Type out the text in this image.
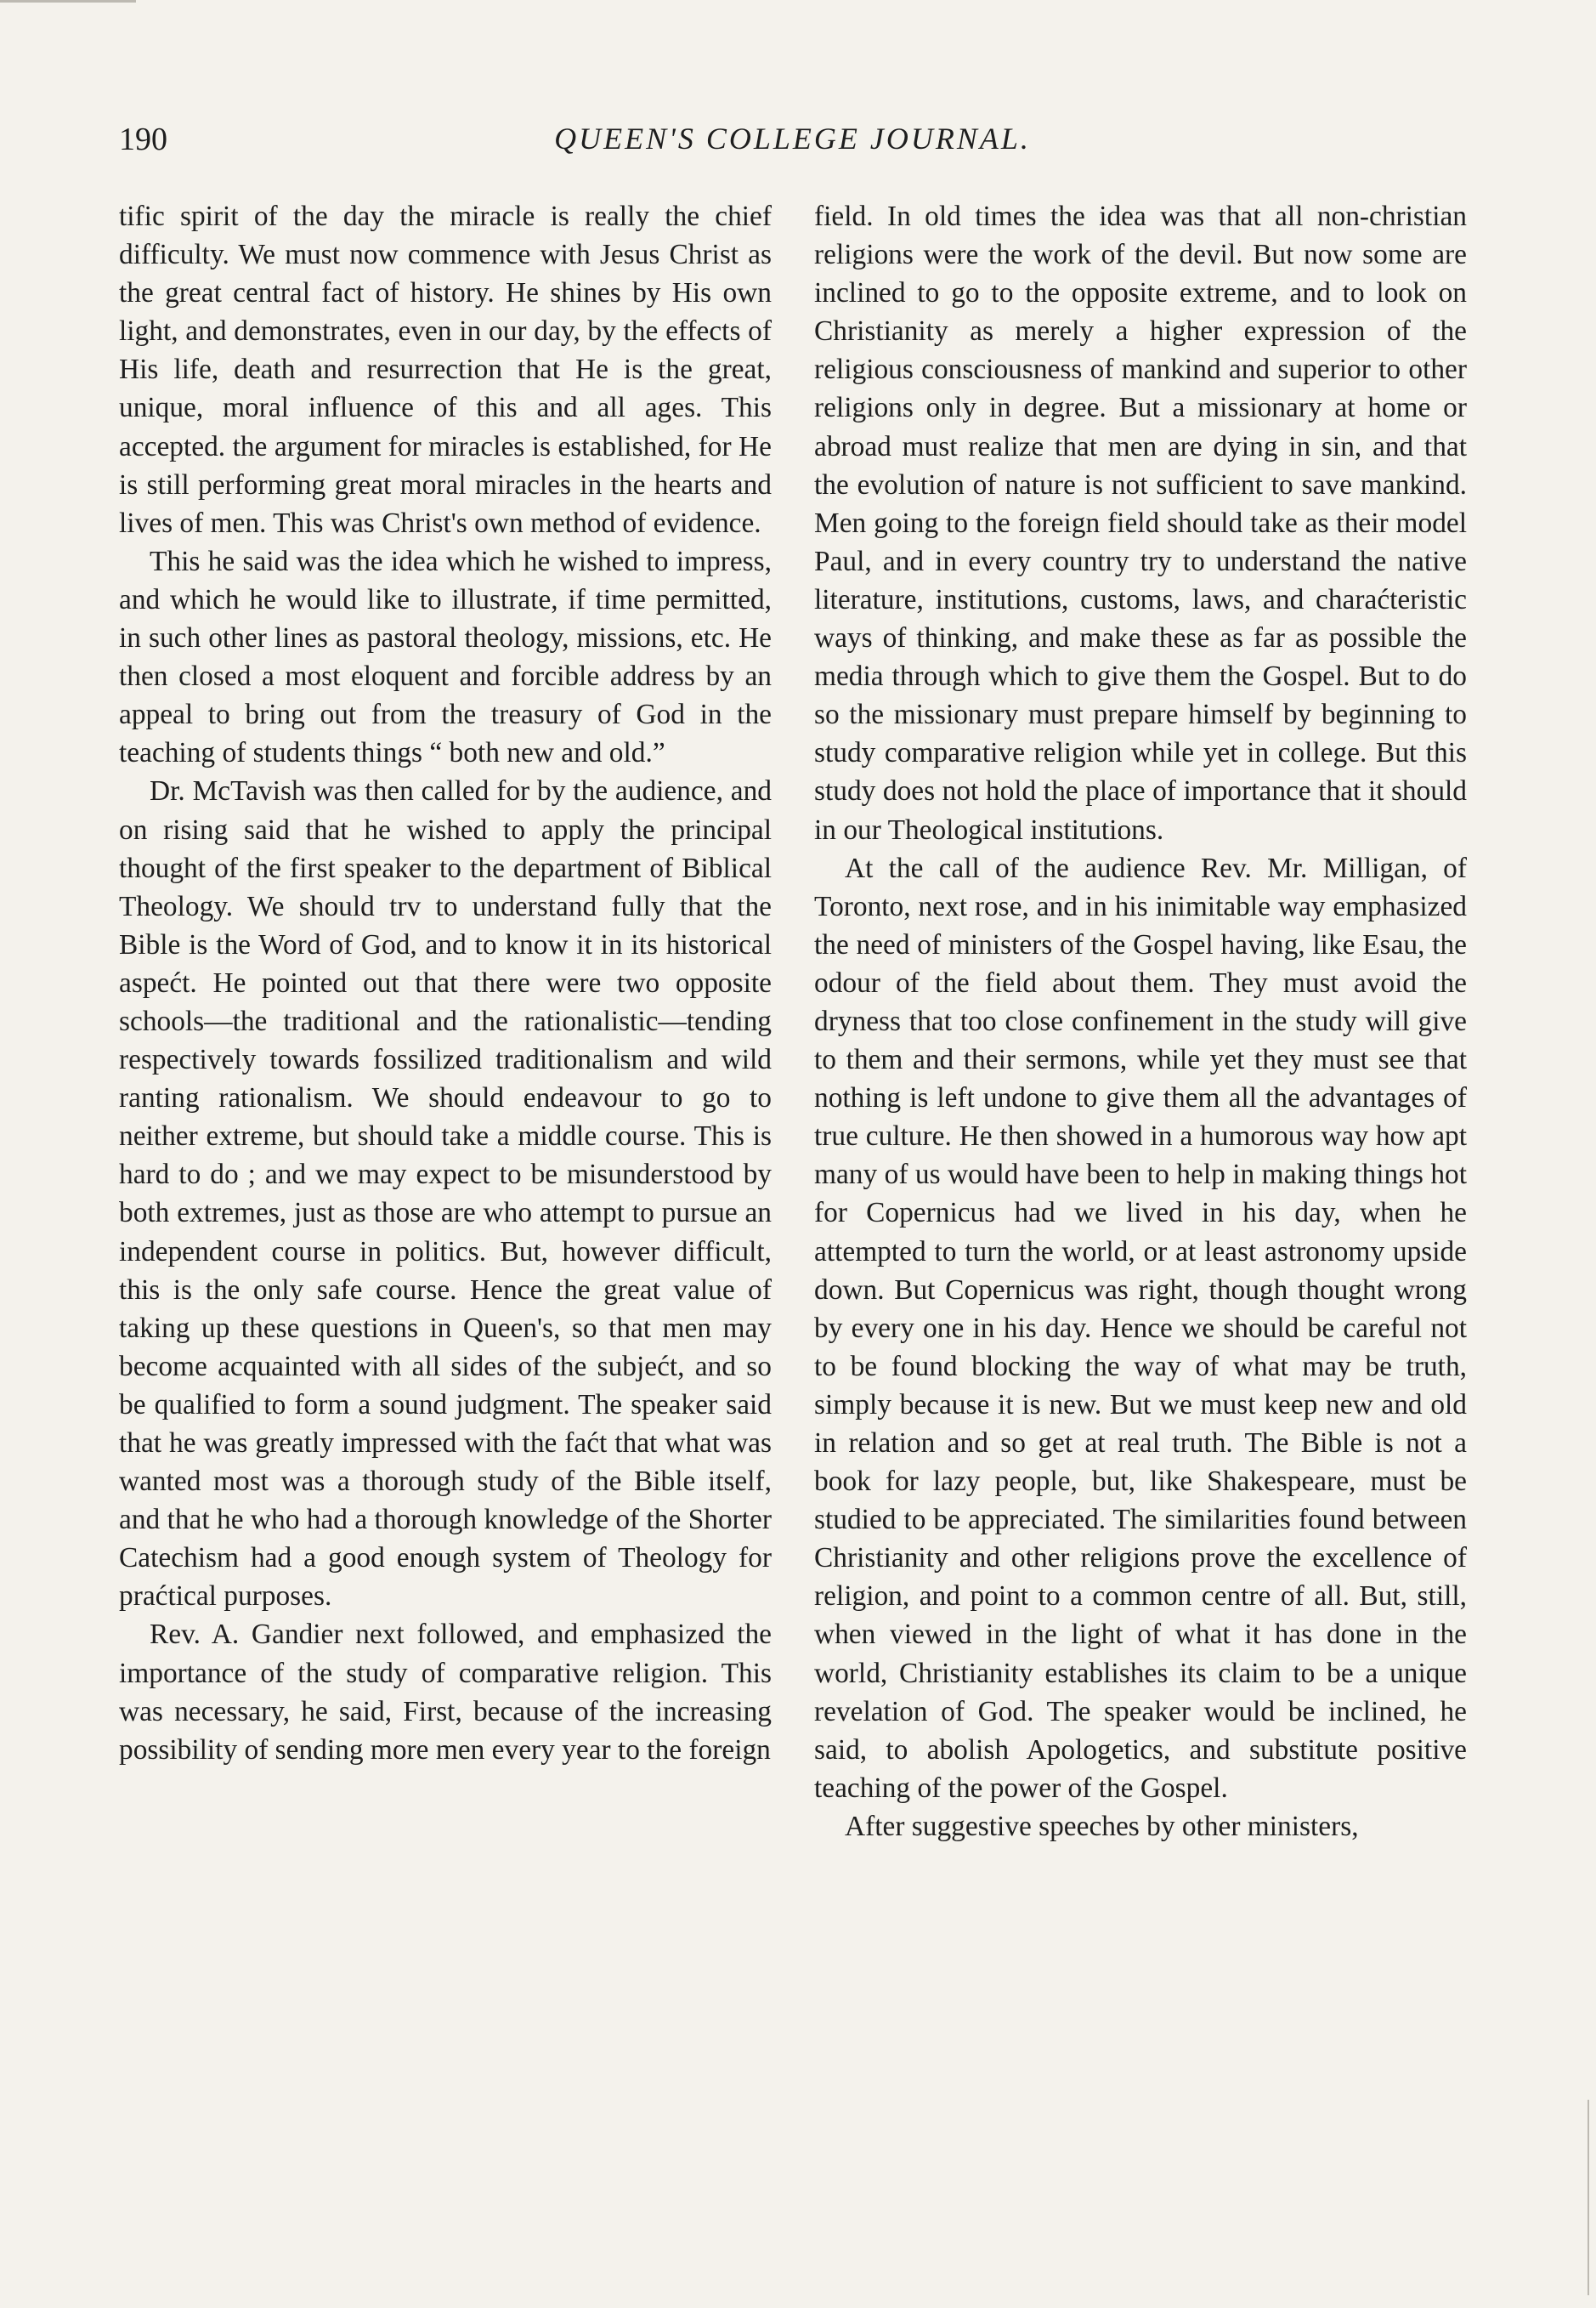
190	QUEEN'S COLLEGE JOURNAL.

tific spirit of the day the miracle is really the chief difficulty. We must now commence with Jesus Christ as the great central fact of history. He shines by His own light, and demonstrates, even in our day, by the effects of His life, death and resurrection that He is the great, unique, moral influence of this and all ages. This accepted. the argument for miracles is established, for He is still performing great moral miracles in the hearts and lives of men. This was Christ's own method of evidence.

This he said was the idea which he wished to impress, and which he would like to illustrate, if time permitted, in such other lines as pastoral theology, missions, etc. He then closed a most eloquent and forcible address by an appeal to bring out from the treasury of God in the teaching of students things “ both new and old.”

Dr. McTavish was then called for by the audience, and on rising said that he wished to apply the principal thought of the first speaker to the department of Biblical Theology. We should trv to understand fully that the Bible is the Word of God, and to know it in its historical aspećt. He pointed out that there were two opposite schools—the traditional and the rationalistic—tending respectively towards fossilized traditionalism and wild ranting rationalism. We should endeavour to go to neither extreme, but should take a middle course. This is hard to do ; and we may expect to be misunderstood by both extremes, just as those are who attempt to pursue an independent course in politics. But, however difficult, this is the only safe course. Hence the great value of taking up these questions in Queen's, so that men may become acquainted with all sides of the subjećt, and so be qualified to form a sound judgment. The speaker said that he was greatly impressed with the faćt that what was wanted most was a thorough study of the Bible itself, and that he who had a thorough knowledge of the Shorter Catechism had a good enough system of Theology for praćtical purposes.

Rev. A. Gandier next followed, and emphasized the importance of the study of comparative religion. This was necessary, he said, First, because of the increasing possibility of sending more men every year to the foreign

field. In old times the idea was that all non-christian religions were the work of the devil. But now some are inclined to go to the opposite extreme, and to look on Christianity as merely a higher expression of the religious consciousness of mankind and superior to other religions only in degree. But a missionary at home or abroad must realize that men are dying in sin, and that the evolution of nature is not sufficient to save mankind. Men going to the foreign field should take as their model Paul, and in every country try to understand the native literature, institutions, customs, laws, and charaćteristic ways of thinking, and make these as far as possible the media through which to give them the Gospel. But to do so the missionary must prepare himself by beginning to study comparative religion while yet in college. But this study does not hold the place of importance that it should in our Theological institutions.

At the call of the audience Rev. Mr. Milligan, of Toronto, next rose, and in his inimitable way emphasized the need of ministers of the Gospel having, like Esau, the odour of the field about them. They must avoid the dryness that too close confinement in the study will give to them and their sermons, while yet they must see that nothing is left undone to give them all the advantages of true culture. He then showed in a humorous way how apt many of us would have been to help in making things hot for Copernicus had we lived in his day, when he attempted to turn the world, or at least astronomy upside down. But Copernicus was right, though thought wrong by every one in his day. Hence we should be careful not to be found blocking the way of what may be truth, simply because it is new. But we must keep new and old in relation and so get at real truth. The Bible is not a book for lazy people, but, like Shakespeare, must be studied to be appreciated. The similarities found between Christianity and other religions prove the excellence of religion, and point to a common centre of all. But, still, when viewed in the light of what it has done in the world, Christianity establishes its claim to be a unique revelation of God. The speaker would be inclined, he said, to abolish Apologetics, and substitute positive teaching of the power of the Gospel.

After suggestive speeches by other ministers,
